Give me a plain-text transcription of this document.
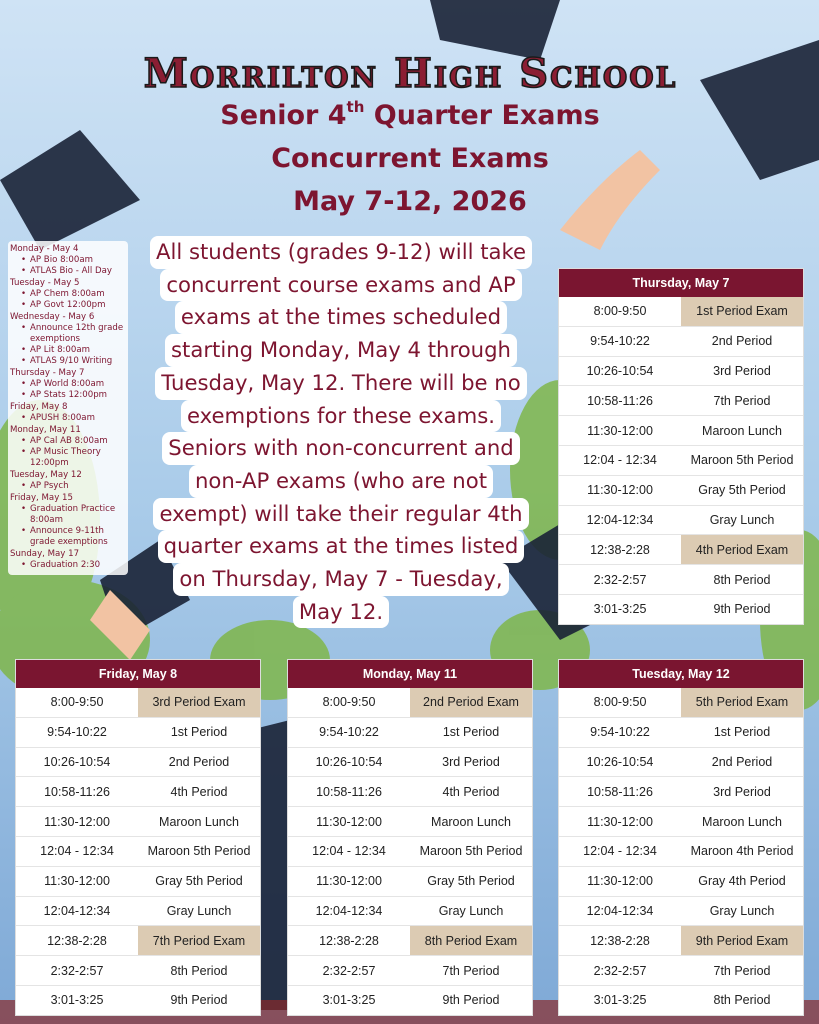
Morrilton High School
Senior 4th Quarter Exams
Concurrent Exams
May 7-12, 2026
Monday - May 4
• AP Bio 8:00am
• ATLAS Bio - All Day
Tuesday - May 5
• AP Chem 8:00am
• AP Govt 12:00pm
Wednesday - May 6
• Announce 12th grade exemptions
• AP Lit 8:00am
• ATLAS 9/10 Writing
Thursday - May 7
• AP World 8:00am
• AP Stats 12:00pm
Friday, May 8
• APUSH 8:00am
Monday, May 11
• AP Cal AB 8:00am
• AP Music Theory 12:00pm
Tuesday, May 12
• AP Psych
Friday, May 15
• Graduation Practice 8:00am
• Announce 9-11th grade exemptions
Sunday, May 17
• Graduation 2:30
All students (grades 9-12) will take
concurrent course exams and AP
exams at the times scheduled
starting Monday, May 4 through
Tuesday, May 12. There will be no
exemptions for these exams.
Seniors with non-concurrent and
non-AP exams (who are not
exempt) will take their regular 4th
quarter exams at the times listed
on Thursday, May 7 - Tuesday,
May 12.

Thursday, May 7
8:00-9:50	1st Period Exam
9:54-10:22	2nd Period
10:26-10:54	3rd Period
10:58-11:26	7th Period
11:30-12:00	Maroon Lunch
12:04 - 12:34	Maroon 5th Period
11:30-12:00	Gray 5th Period
12:04-12:34	Gray Lunch
12:38-2:28	4th Period Exam
2:32-2:57	8th Period
3:01-3:25	9th Period
Friday, May 8
8:00-9:50	3rd Period Exam
9:54-10:22	1st Period
10:26-10:54	2nd Period
10:58-11:26	4th Period
11:30-12:00	Maroon Lunch
12:04 - 12:34	Maroon 5th Period
11:30-12:00	Gray 5th Period
12:04-12:34	Gray Lunch
12:38-2:28	7th Period Exam
2:32-2:57	8th Period
3:01-3:25	9th Period
Monday, May 11
8:00-9:50	2nd Period Exam
9:54-10:22	1st Period
10:26-10:54	3rd Period
10:58-11:26	4th Period
11:30-12:00	Maroon Lunch
12:04 - 12:34	Maroon 5th Period
11:30-12:00	Gray 5th Period
12:04-12:34	Gray Lunch
12:38-2:28	8th Period Exam
2:32-2:57	7th Period
3:01-3:25	9th Period
Tuesday, May 12
8:00-9:50	5th Period Exam
9:54-10:22	1st Period
10:26-10:54	2nd Period
10:58-11:26	3rd Period
11:30-12:00	Maroon Lunch
12:04 - 12:34	Maroon 4th Period
11:30-12:00	Gray 4th Period
12:04-12:34	Gray Lunch
12:38-2:28	9th Period Exam
2:32-2:57	7th Period
3:01-3:25	8th Period
